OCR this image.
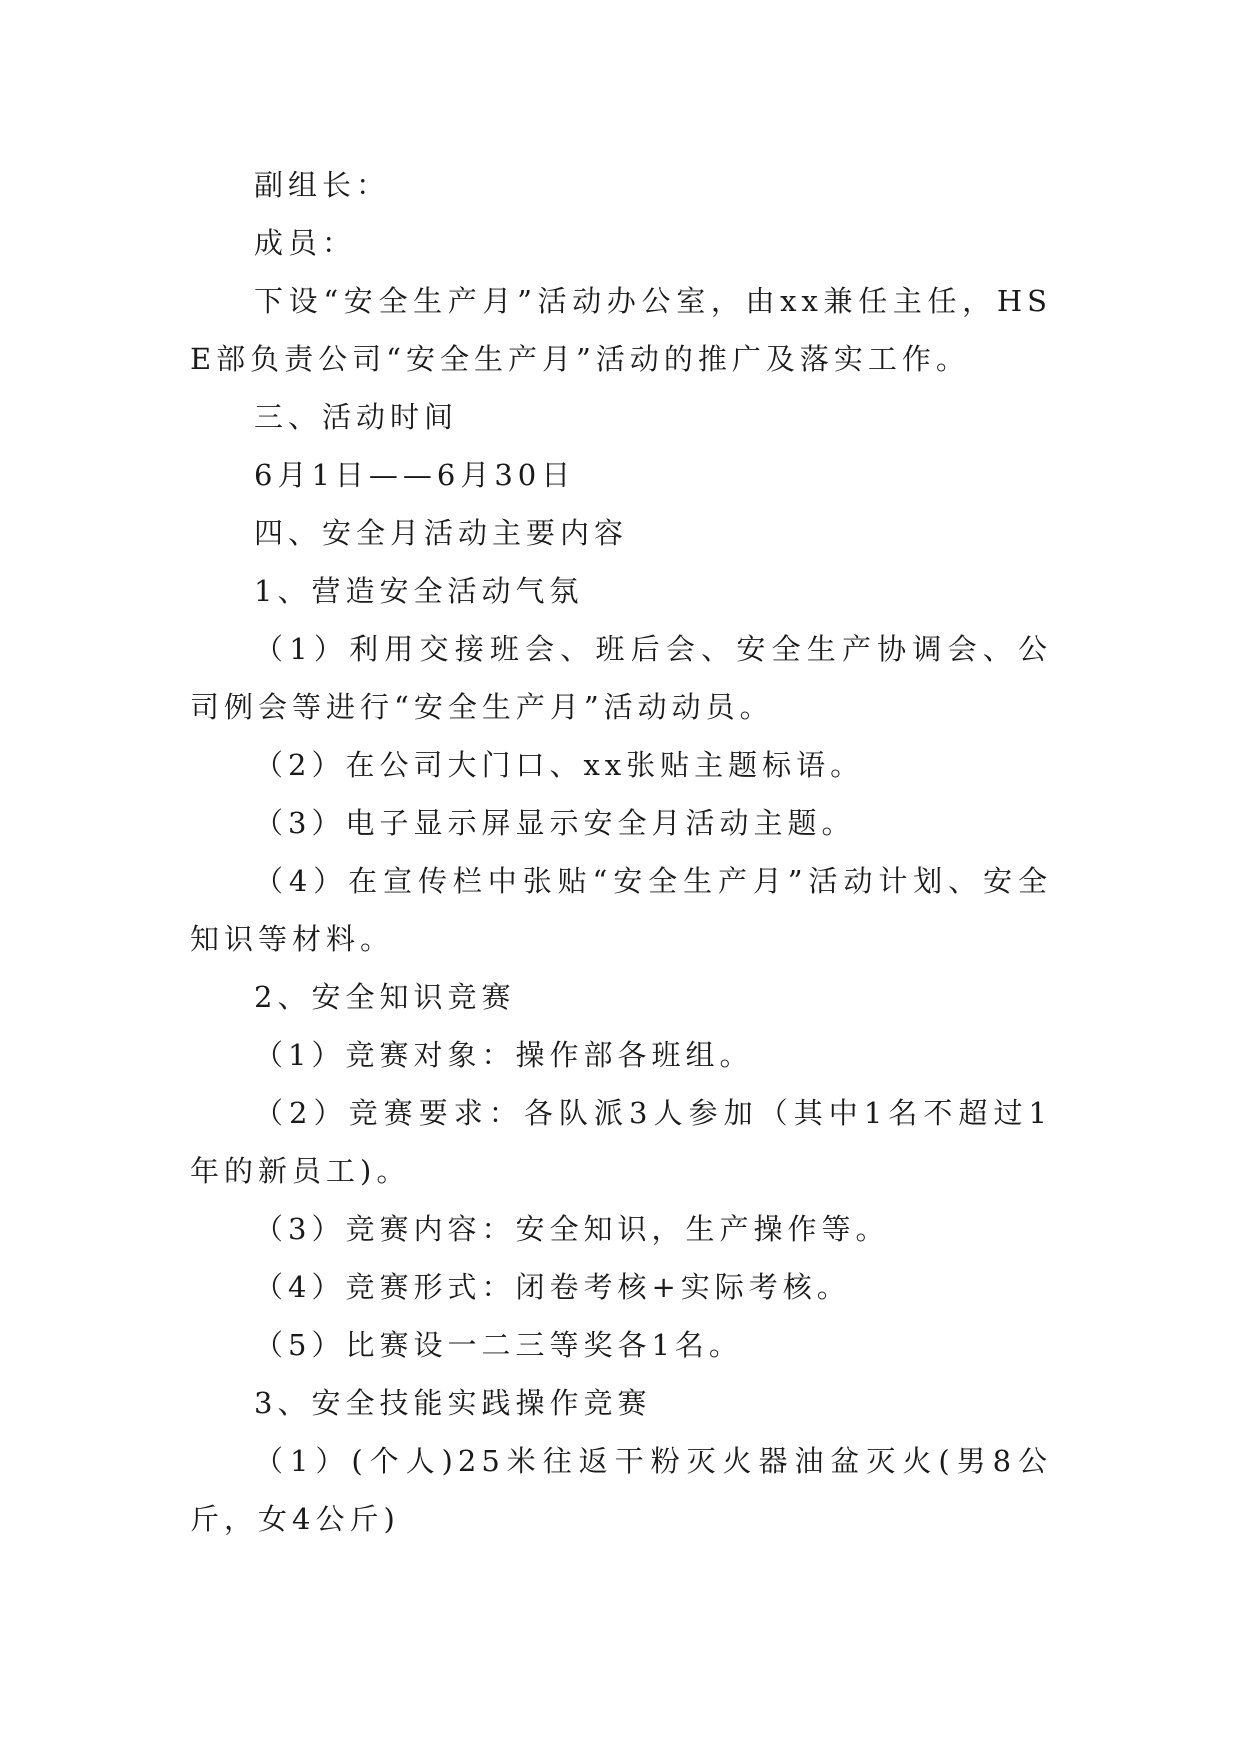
副组长：

成员：

下设“安全生产月”活动办公室，由xx兼任主任，HSE部负责公司“安全生产月”活动的推广及落实工作。

三、活动时间

6月1日——6月30日

四、安全月活动主要内容

1、营造安全活动气氛

（1）利用交接班会、班后会、安全生产协调会、公司例会等进行“安全生产月”活动动员。

（2）在公司大门口、xx张贴主题标语。

（3）电子显示屏显示安全月活动主题。

（4）在宣传栏中张贴“安全生产月”活动计划、安全知识等材料。

2、安全知识竞赛

（1）竞赛对象：操作部各班组。

（2）竞赛要求：各队派3人参加（其中1名不超过1年的新员工)。

（3）竞赛内容：安全知识，生产操作等。

（4）竞赛形式：闭卷考核+实际考核。

（5）比赛设一二三等奖各1名。

3、安全技能实践操作竞赛

（1）(个人)25米往返干粉灭火器油盆灭火(男8公斤，女4公斤)
